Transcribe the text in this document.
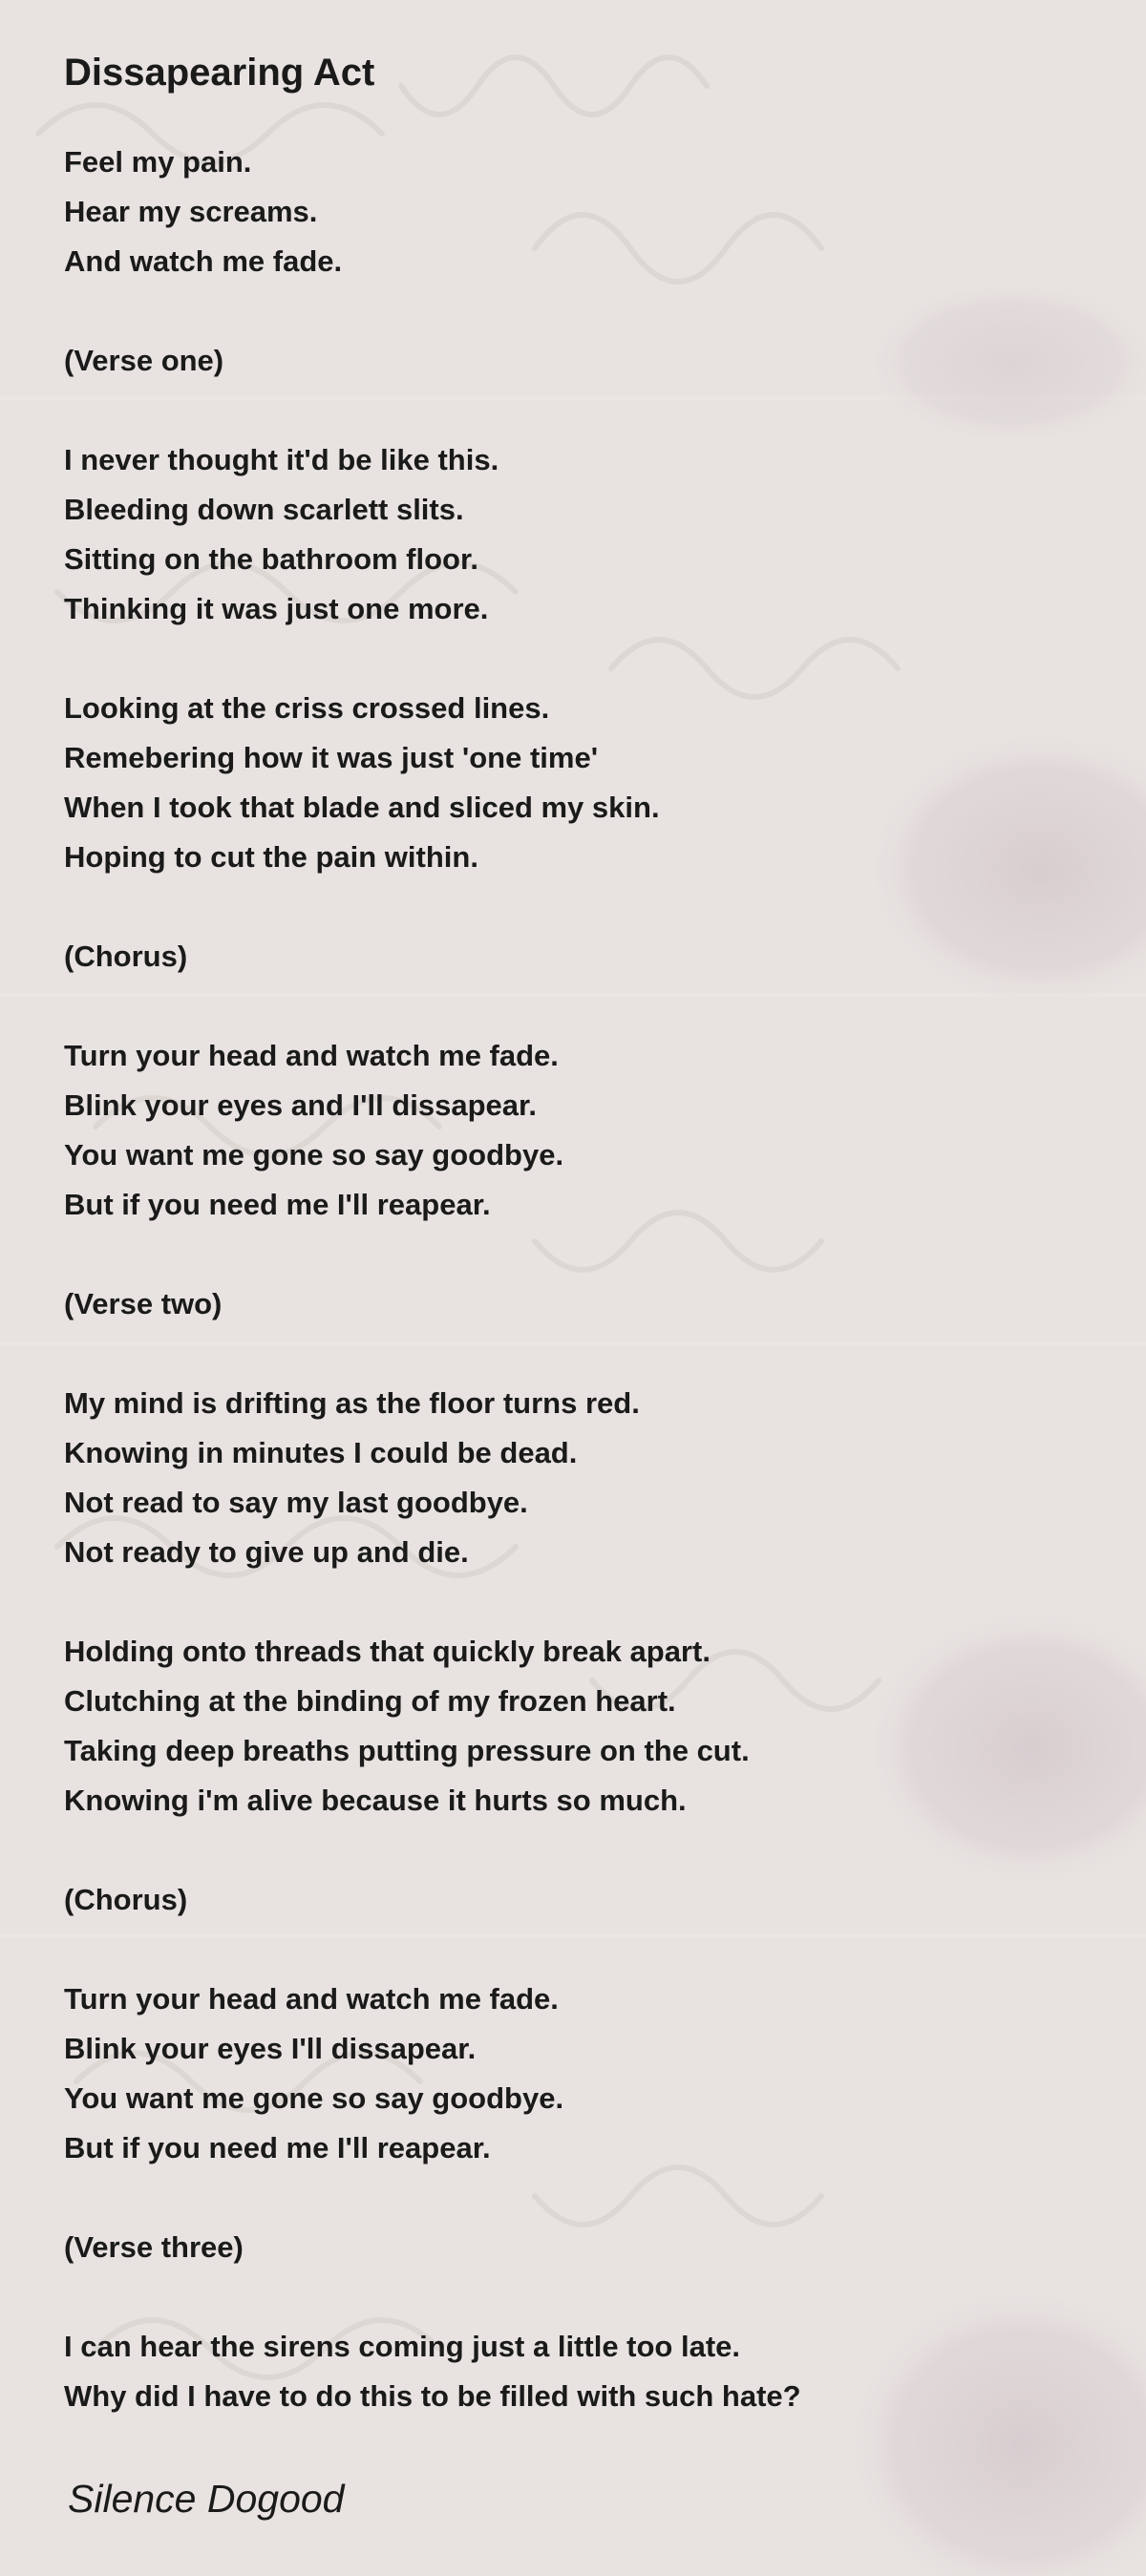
Dissapearing Act
Feel my pain.
Hear my screams.
And watch me fade.
(Verse one)
I never thought it'd be like this.
Bleeding down scarlett slits.
Sitting on the bathroom floor.
Thinking it was just one more.
Looking at the criss crossed lines.
Remebering how it was just 'one time'
When I took that blade and sliced my skin.
Hoping to cut the pain within.
(Chorus)
Turn your head and watch me fade.
Blink your eyes and I'll dissapear.
You want me gone so say goodbye.
But if you need me I'll reapear.
(Verse two)
My mind is drifting as the floor turns red.
Knowing in minutes I could be dead.
Not read to say my last goodbye.
Not ready to give up and die.
Holding onto threads that quickly break apart.
Clutching at the binding of my frozen heart.
Taking deep breaths putting pressure on the cut.
Knowing i'm alive because it hurts so much.
(Chorus)
Turn your head and watch me fade.
Blink your eyes I'll dissapear.
You want me gone so say goodbye.
But if you need me I'll reapear.
(Verse three)
I can hear the sirens coming just a little too late.
Why did I have to do this to be filled with such hate?
Silence Dogood
